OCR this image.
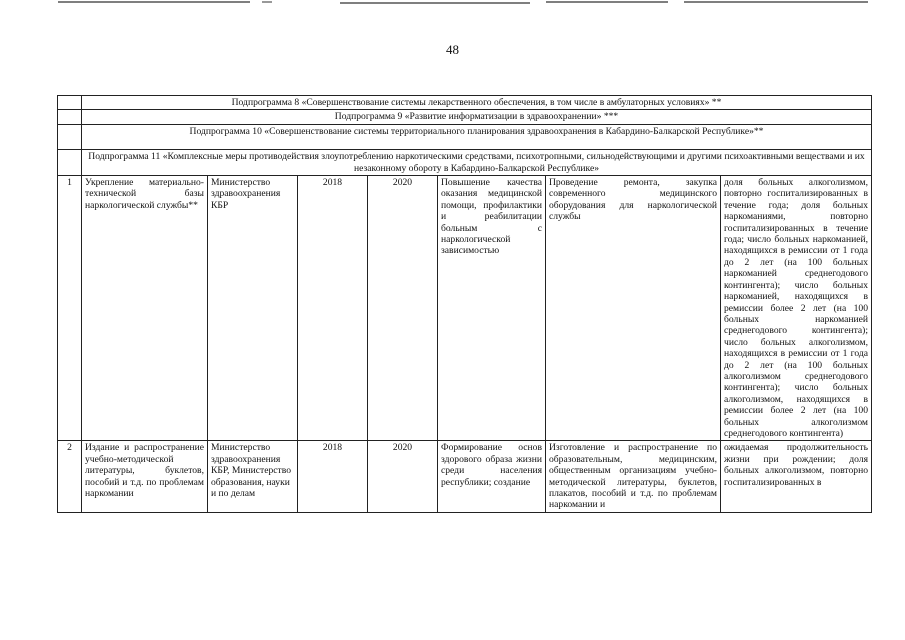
48
	Подпрограмма 8 «Совершенствование системы лекарственного обеспечения, в том числе в амбулаторных условиях» **						
	Подпрограмма 9 «Развитие информатизации в здравоохранении» ***						

	Подпрограмма 10 «Совершенствование системы территориального планирования здравоохранения в Кабардино-Балкарской Республике»**						

	Подпрограмма 11 «Комплексные меры противодействия злоупотреблению наркотическими средствами, психотропными, сильнодействующими и другими психоактивными веществами и их незаконному обороту в Кабардино-Балкарской Республике»						
1	Укрепление материально-технической базы наркологической службы**	Министерство здравоохранения КБР	2018	2020	Повышение качества оказания медицинской помощи, профилактики и реабилитации больным с наркологической зависимостью	Проведение ремонта, закупка современного медицинского оборудования для наркологической службы	доля больных алкоголизмом, повторно госпитализированных в течение года; доля больных наркоманиями, повторно госпитализированных в течение года; число больных наркоманией, находящихся в ремиссии от 1 года до 2 лет (на 100 больных наркоманией среднегодового контингента); число больных наркоманией, находящихся в ремиссии более 2 лет (на 100 больных наркоманией среднегодового контингента); число больных алкоголизмом, находящихся в ремиссии от 1 года до 2 лет (на 100 больных алкоголизмом среднегодового контингента); число больных алкоголизмом, находящихся в ремиссии более 2 лет (на 100 больных алкоголизмом среднегодового контингента)
2	Издание и распространение учебно-методической литературы, буклетов, пособий и т.д. по проблемам наркомании	Министерство здравоохранения КБР, Министерство образования, науки и по делам	2018	2020	Формирование основ здорового образа жизни среди населения республики; создание	Изготовление и распространение по образовательным, медицинским, общественным организациям учебно-методической литературы, буклетов, плакатов, пособий и т.д. по проблемам наркомании и	ожидаемая продолжительность жизни при рождении; доля больных алкоголизмом, повторно госпитализированных в
